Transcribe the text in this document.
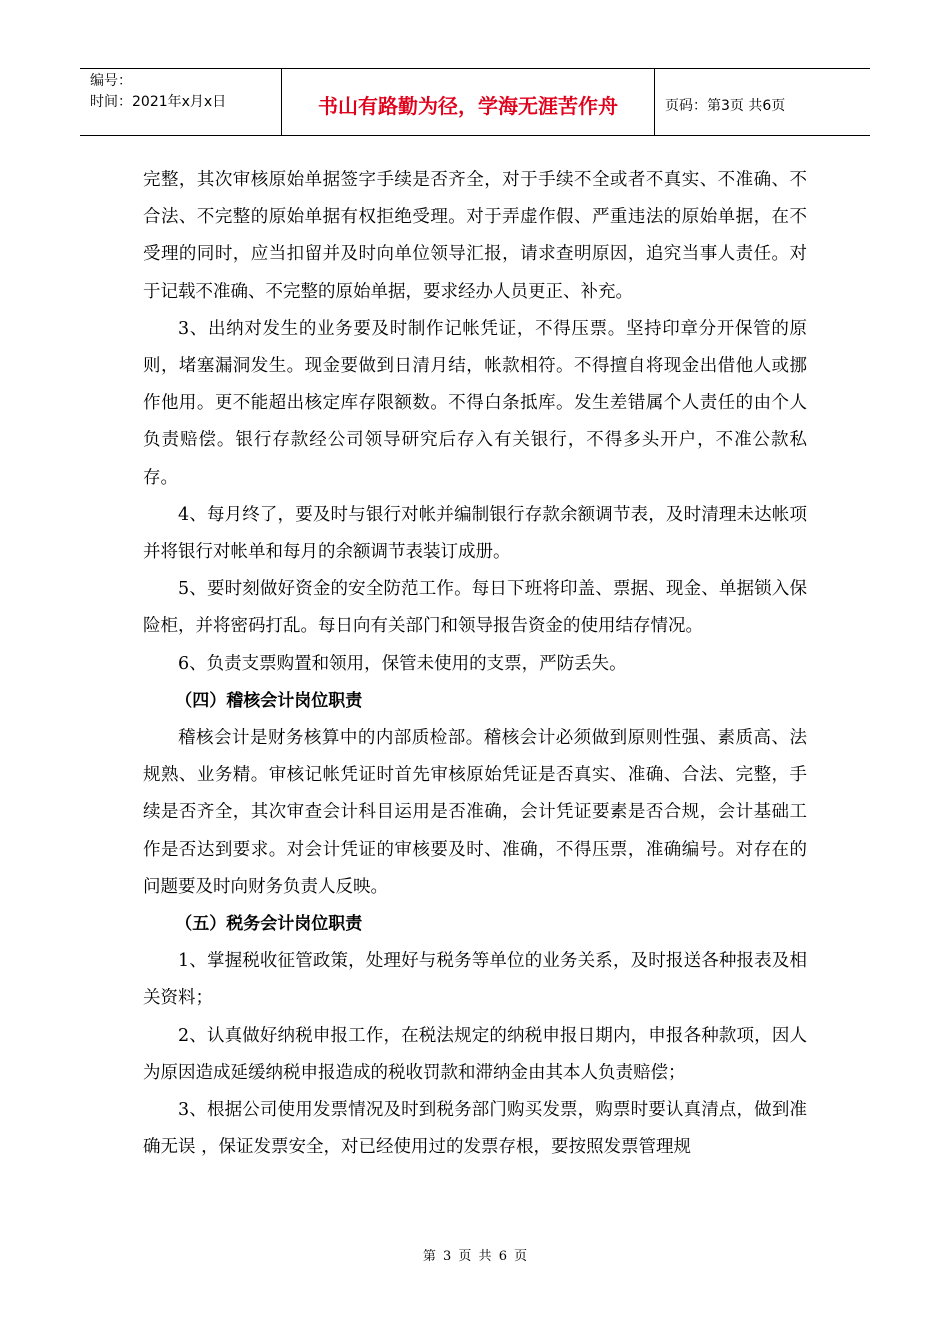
编号：
时间：2021年x月x日	书山有路勤为径，学海无涯苦作舟	页码：第3页 共6页

完整，其次审核原始单据签字手续是否齐全，对于手续不全或者不真实、不准确、不合法、不完整的原始单据有权拒绝受理。对于弄虚作假、严重违法的原始单据，在不受理的同时，应当扣留并及时向单位领导汇报，请求查明原因，追究当事人责任。对于记载不准确、不完整的原始单据，要求经办人员更正、补充。

3、出纳对发生的业务要及时制作记帐凭证，不得压票。坚持印章分开保管的原则，堵塞漏洞发生。现金要做到日清月结，帐款相符。不得擅自将现金出借他人或挪作他用。更不能超出核定库存限额数。不得白条抵库。发生差错属个人责任的由个人负责赔偿。银行存款经公司领导研究后存入有关银行，不得多头开户，不准公款私存。

4、每月终了，要及时与银行对帐并编制银行存款余额调节表，及时清理未达帐项并将银行对帐单和每月的余额调节表装订成册。

5、要时刻做好资金的安全防范工作。每日下班将印盖、票据、现金、单据锁入保险柜，并将密码打乱。每日向有关部门和领导报告资金的使用结存情况。

6、负责支票购置和领用，保管未使用的支票，严防丢失。

（四）稽核会计岗位职责

稽核会计是财务核算中的内部质检部。稽核会计必须做到原则性强、素质高、法规熟、业务精。审核记帐凭证时首先审核原始凭证是否真实、准确、合法、完整，手续是否齐全，其次审查会计科目运用是否准确，会计凭证要素是否合规，会计基础工作是否达到要求。对会计凭证的审核要及时、准确，不得压票，准确编号。对存在的问题要及时向财务负责人反映。

（五）税务会计岗位职责

1、掌握税收征管政策，处理好与税务等单位的业务关系，及时报送各种报表及相关资料；

2、认真做好纳税申报工作，在税法规定的纳税申报日期内，申报各种款项，因人为原因造成延缓纳税申报造成的税收罚款和滞纳金由其本人负责赔偿；

3、根据公司使用发票情况及时到税务部门购买发票，购票时要认真清点，做到准确无误 ，保证发票安全，对已经使用过的发票存根，要按照发票管理规

第 3 页 共 6 页
